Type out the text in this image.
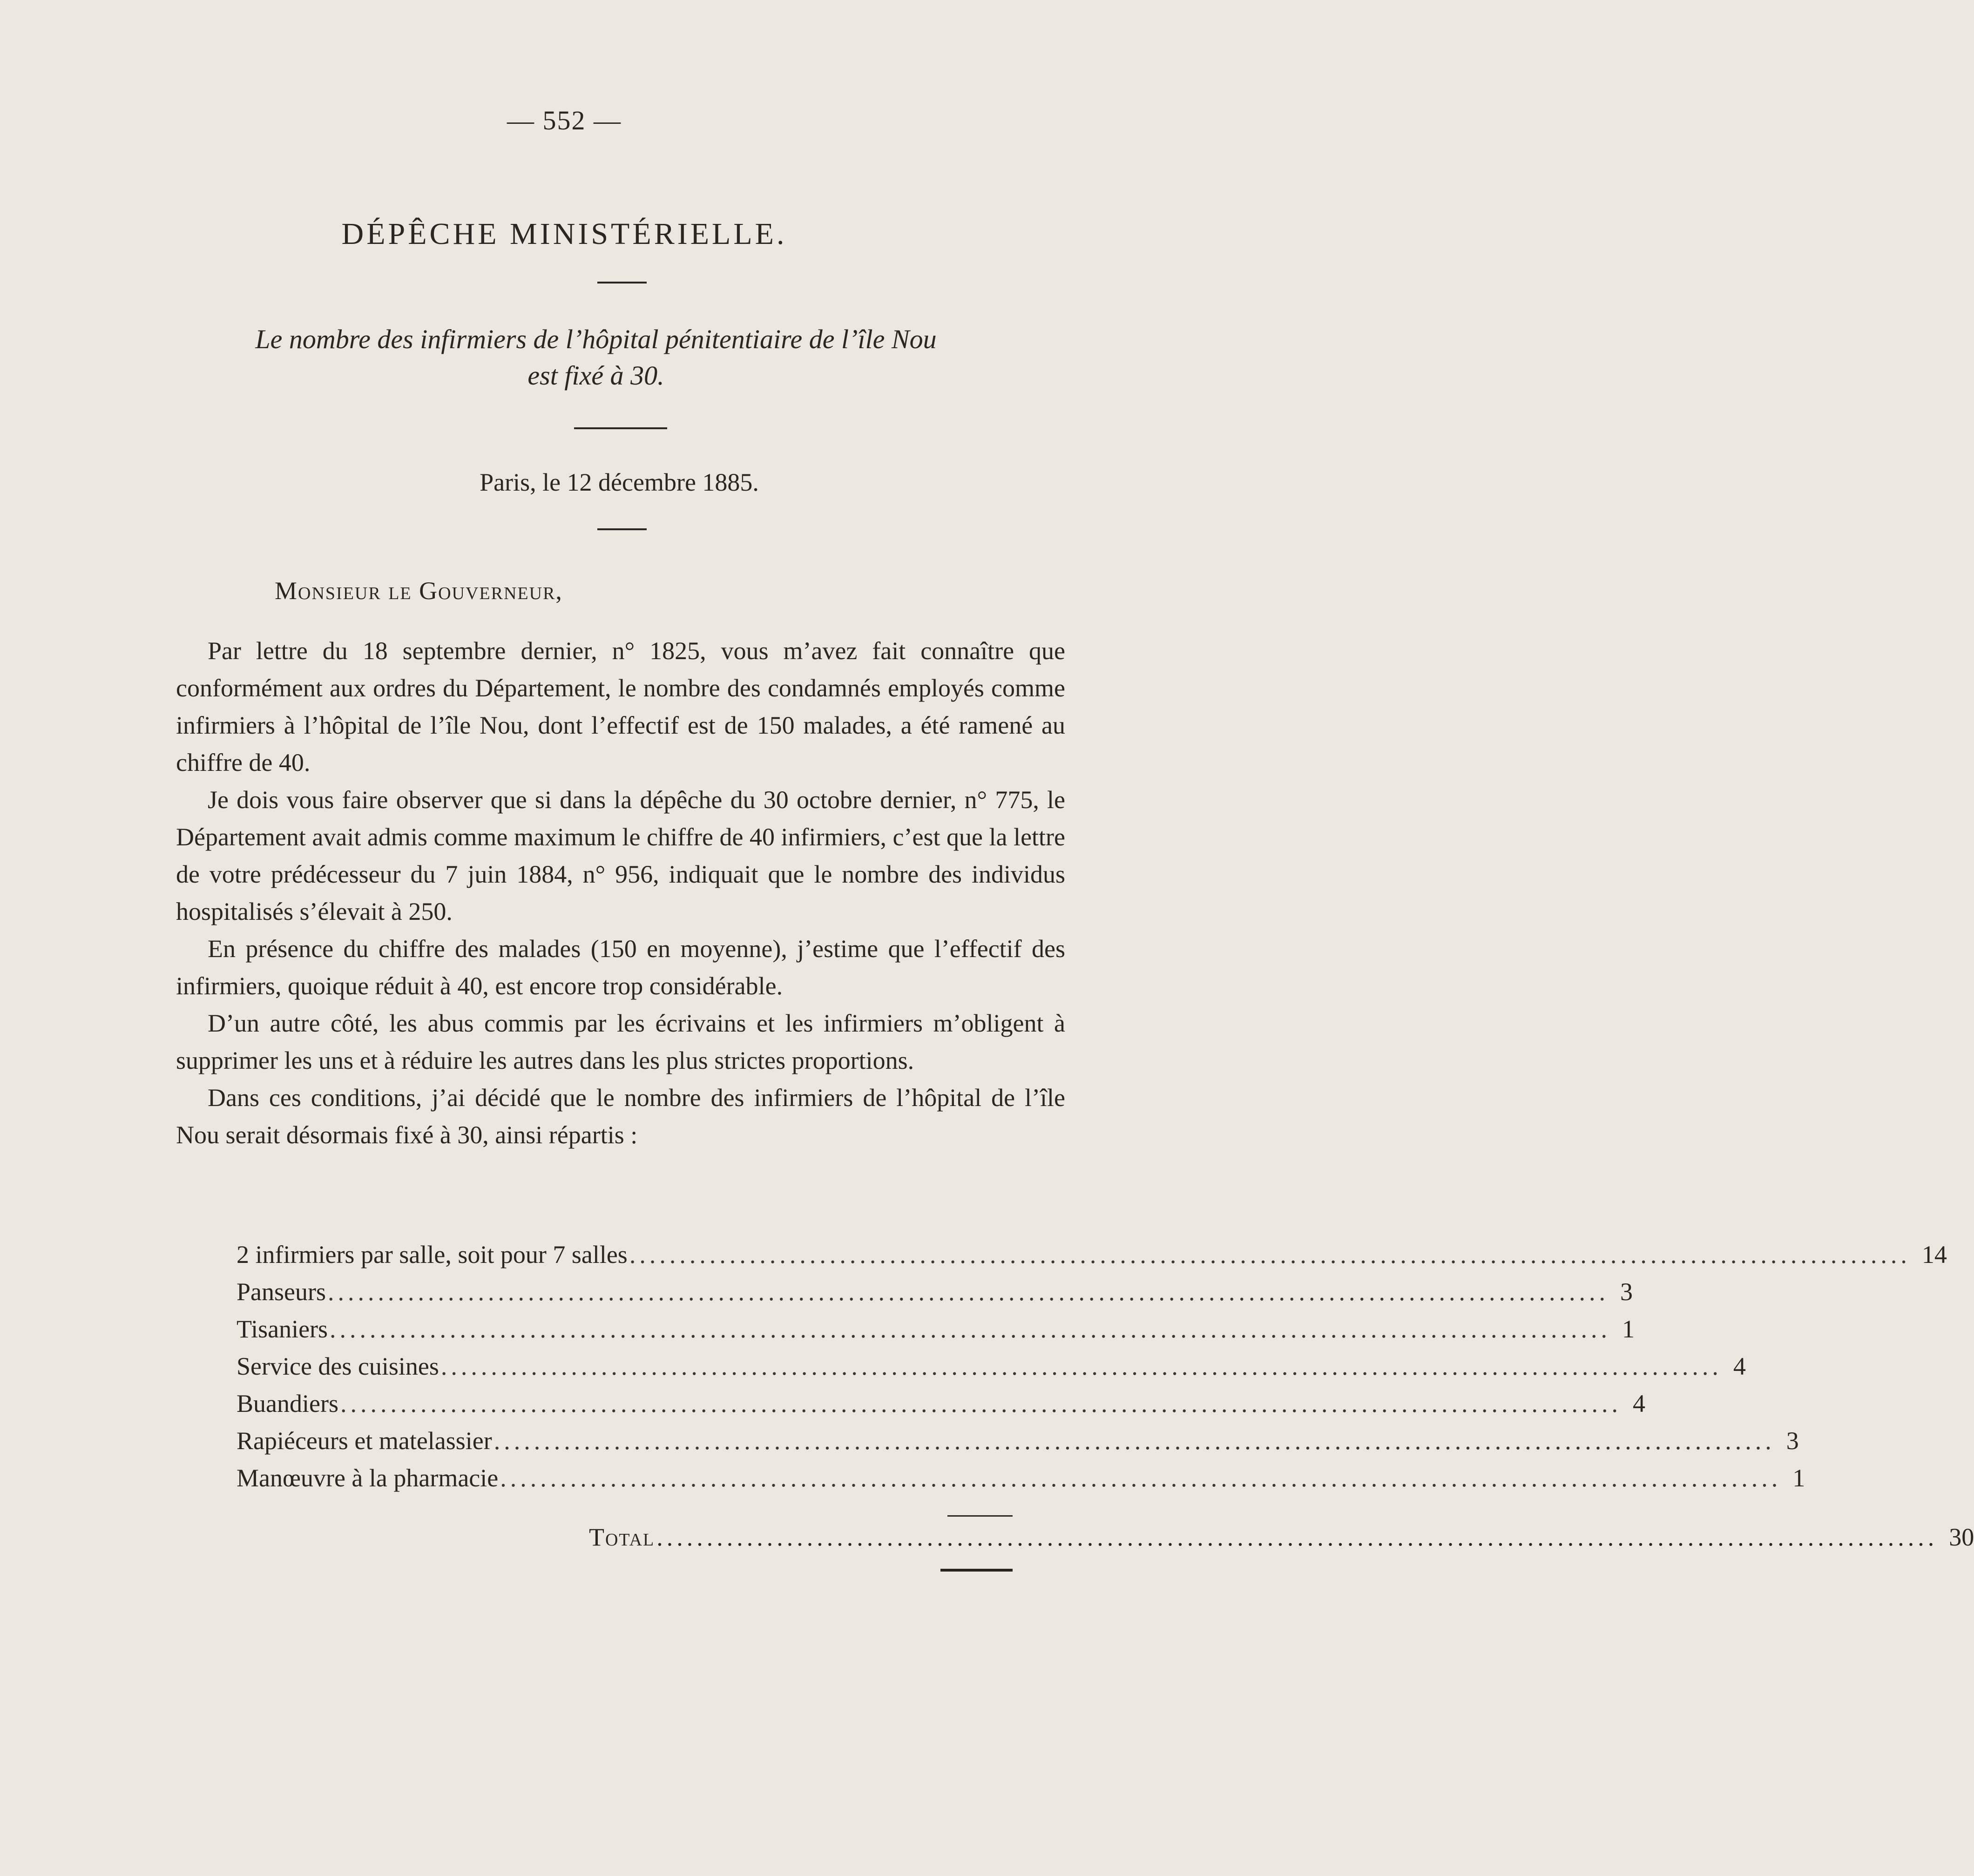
— 552 —
DÉPÊCHE MINISTÉRIELLE.
Le nombre des infirmiers de l’hôpital pénitentiaire de l’île Nou
est fixé à 30.
Paris, le 12 décembre 1885.
Monsieur le Gouverneur,

Par lettre du 18 septembre dernier, n° 1825, vous m’avez fait connaître que conformément aux ordres du Département, le nombre des condamnés employés comme infirmiers à l’hôpital de l’île Nou, dont l’effectif est de 150 malades, a été ramené au chiffre de 40.

Je dois vous faire observer que si dans la dépêche du 30 octobre dernier, n° 775, le Département avait admis comme maximum le chiffre de 40 infirmiers, c’est que la lettre de votre prédécesseur du 7 juin 1884, n° 956, indiquait que le nombre des individus hospitalisés s’élevait à 250.

En présence du chiffre des malades (150 en moyenne), j’estime que l’effectif des infirmiers, quoique réduit à 40, est encore trop considérable.

D’un autre côté, les abus commis par les écrivains et les infirmiers m’obligent à supprimer les uns et à réduire les autres dans les plus strictes proportions.

Dans ces conditions, j’ai décidé que le nombre des infirmiers de l’hôpital de l’île Nou serait désormais fixé à 30, ainsi répartis :

2 infirmiers par salle, soit pour 7 salles ................................................................................................................................ 14
Panseurs ................................................................................................................................ 3
Tisaniers ................................................................................................................................ 1
Service des cuisines ................................................................................................................................ 4
Buandiers ................................................................................................................................ 4
Rapiéceurs et matelassier ................................................................................................................................ 3
Manœuvre à la pharmacie ................................................................................................................................ 1
Total ................................................................................................................................ 30
